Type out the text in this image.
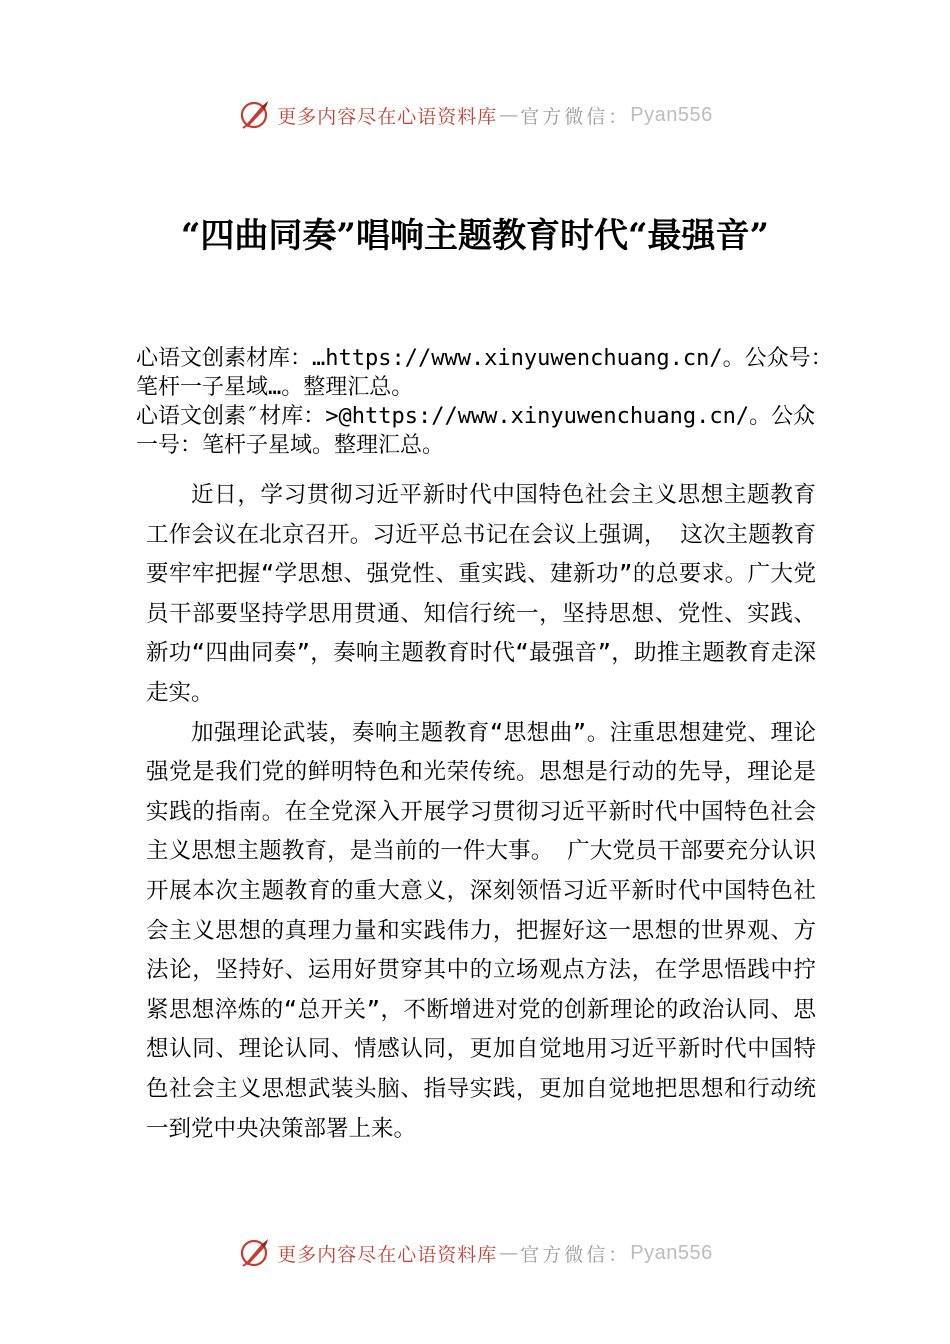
更多内容尽在心语资料库 — 官方微信： Pyan556
“四曲同奏”唱响主题教育时代“最强音”

心语文创素材库：…https://www.xinyuwenchuang.cn/。公众号：笔杆一子星域…。整理汇总。

心语文创素″材库：>@https://www.xinyuwenchuang.cn/。公众一号：笔杆子星域。整理汇总。

近日，学习贯彻习近平新时代中国特色社会主义思想主题教育工作会议在北京召开。习近平总书记在会议上强调， 这次主题教育要牢牢把握“学思想、强党性、重实践、建新功”的总要求。广大党员干部要坚持学思用贯通、知信行统一，坚持思想、党性、实践、新功“四曲同奏”，奏响主题教育时代“最强音”，助推主题教育走深走实。

加强理论武装，奏响主题教育“思想曲”。注重思想建党、理论强党是我们党的鲜明特色和光荣传统。思想是行动的先导，理论是实践的指南。在全党深入开展学习贯彻习近平新时代中国特色社会主义思想主题教育，是当前的一件大事。 广大党员干部要充分认识开展本次主题教育的重大意义，深刻领悟习近平新时代中国特色社会主义思想的真理力量和实践伟力，把握好这一思想的世界观、方法论，坚持好、运用好贯穿其中的立场观点方法，在学思悟践中拧紧思想淬炼的“总开关”，不断增进对党的创新理论的政治认同、思想认同、理论认同、情感认同，更加自觉地用习近平新时代中国特色社会主义思想武装头脑、指导实践，更加自觉地把思想和行动统一到党中央决策部署上来。

更多内容尽在心语资料库 — 官方微信： Pyan556
